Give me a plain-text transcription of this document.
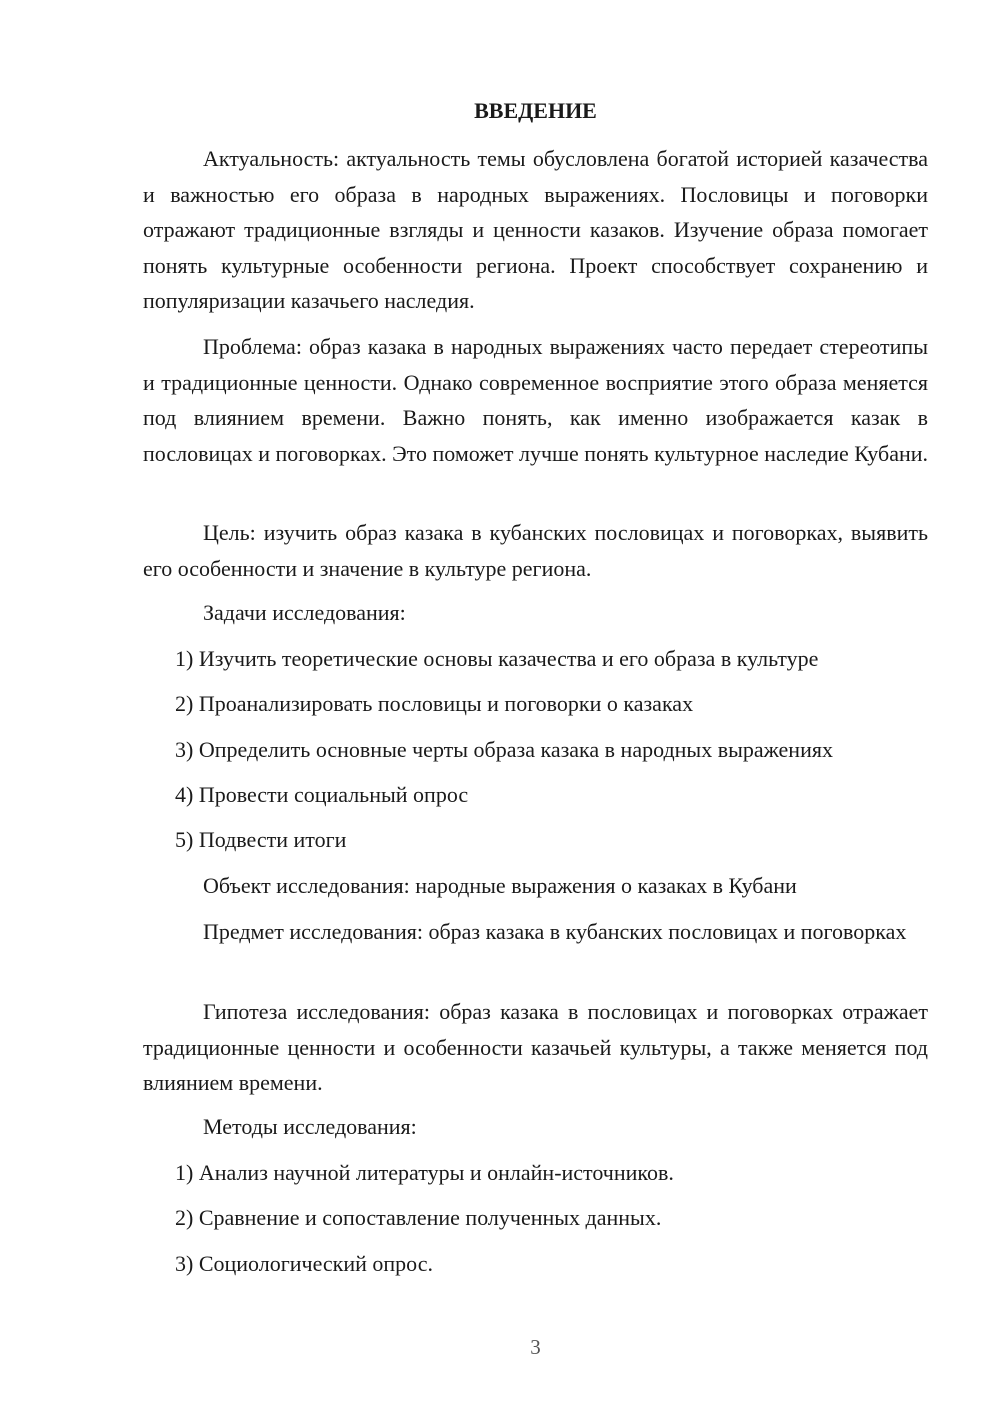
ВВЕДЕНИЕ

Актуальность: актуальность темы обусловлена богатой историей казачества и важностью его образа в народных выражениях. Пословицы и поговорки отражают традиционные взгляды и ценности казаков. Изучение образа помогает понять культурные особенности региона. Проект способствует сохранению и популяризации казачьего наследия.

Проблема: образ казака в народных выражениях часто передает стереотипы и традиционные ценности. Однако современное восприятие этого образа меняется под влиянием времени. Важно понять, как именно изображается казак в пословицах и поговорках. Это поможет лучше понять культурное наследие Кубани.

Цель: изучить образ казака в кубанских пословицах и поговорках, выявить его особенности и значение в культуре региона.

Задачи исследования:

1) Изучить теоретические основы казачества и его образа в культуре

2) Проанализировать пословицы и поговорки о казаках

3) Определить основные черты образа казака в народных выражениях

4) Провести социальный опрос

5) Подвести итоги

Объект исследования: народные выражения о казаках в Кубани

Предмет исследования: образ казака в кубанских пословицах и поговорках

Гипотеза исследования: образ казака в пословицах и поговорках отражает традиционные ценности и особенности казачьей культуры, а также меняется под влиянием времени.

Методы исследования:

1) Анализ научной литературы и онлайн-источников.

2) Сравнение и сопоставление полученных данных.

3) Социологический опрос.

3
